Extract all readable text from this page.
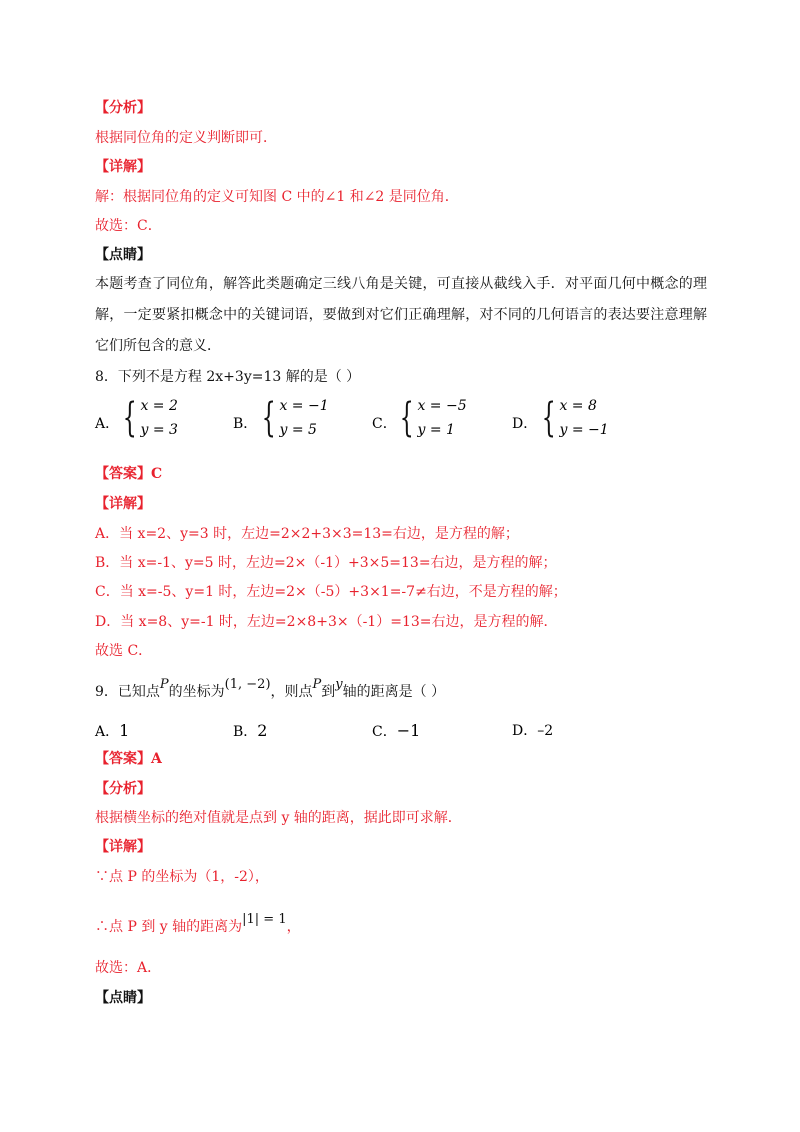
【分析】
根据同位角的定义判断即可．
【详解】
解：根据同位角的定义可知图 C 中的∠1 和∠2 是同位角．
故选：C．
【点睛】
本题考查了同位角，解答此类题确定三线八角是关键，可直接从截线入手．对平面几何中概念的理解，一定要紧扣概念中的关键词语，要做到对它们正确理解，对不同的几何语言的表达要注意理解它们所包含的意义．
8．下列不是方程 2x+3y=13 解的是（ ）
A． { x = 2
y = 3	B． { x = −1
y = 5	C． { x = −5
y = 1	D． { x = 8
y = −1
【答案】C
【详解】
A．当 x=2、y=3 时，左边=2×2+3×3=13=右边，是方程的解；
B．当 x=-1、y=5 时，左边=2×（-1）+3×5=13=右边，是方程的解；
C．当 x=-5、y=1 时，左边=2×（-5）+3×1=-7≠右边，不是方程的解；
D．当 x=8、y=-1 时，左边=2×8+3×（-1）=13=右边，是方程的解．
故选 C．
9．已知点P的坐标为(1, −2)，则点P到y轴的距离是（ ）
A．1	B．2	C．−1	D．–2
【答案】A
【分析】
根据横坐标的绝对值就是点到 y 轴的距离，据此即可求解．
【详解】
∵点 P 的坐标为（1，-2），
∴点 P 到 y 轴的距离为|1| = 1，
故选：A．
【点睛】
